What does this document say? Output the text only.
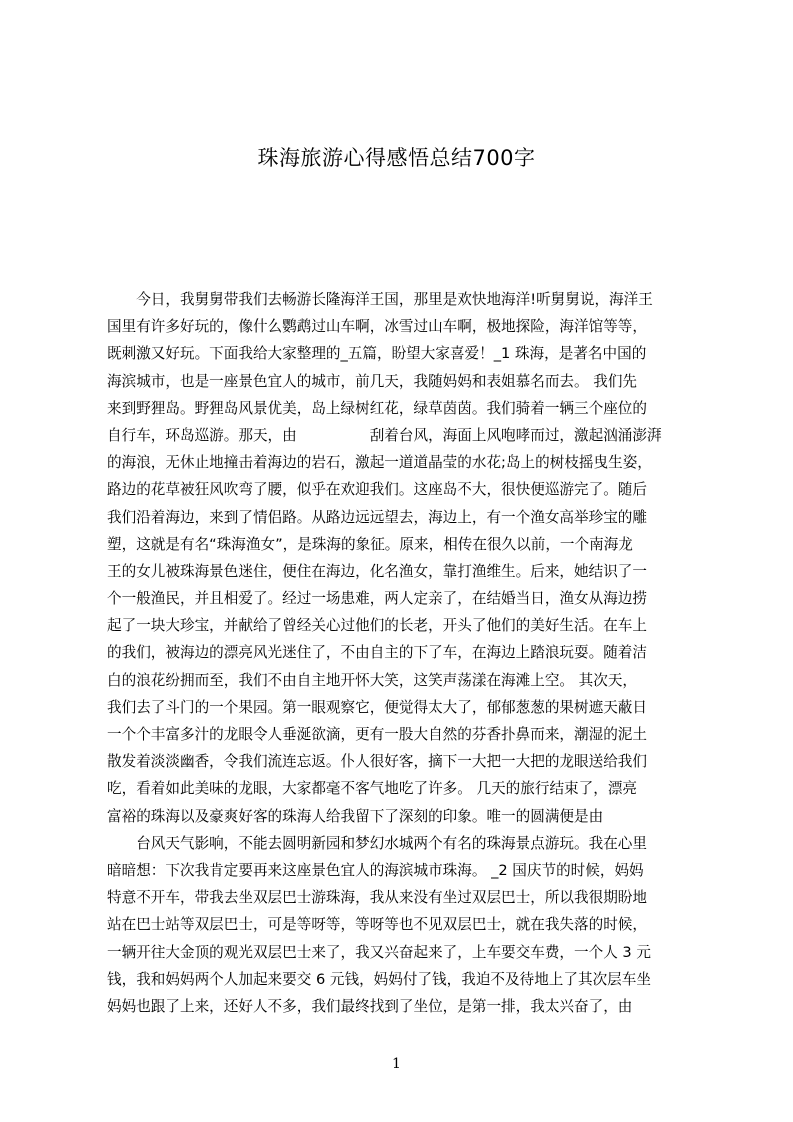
珠海旅游心得感悟总结700字
　　今日，我舅舅带我们去畅游长隆海洋王国，那里是欢快地海洋!听舅舅说，海洋王
国里有许多好玩的，像什么鹦鹉过山车啊，冰雪过山车啊，极地探险，海洋馆等等，
既刺激又好玩。下面我给大家整理的_五篇，盼望大家喜爱！_1 珠海，是著名中国的
海滨城市，也是一座景色宜人的城市，前几天，我随妈妈和表姐慕名而去。 我们先
来到野狸岛。野狸岛风景优美，岛上绿树红花，绿草茵茵。我们骑着一辆三个座位的
自行车，环岛巡游。那天，由　　　　　刮着台风，海面上风咆哮而过，激起汹涌澎湃
的海浪，无休止地撞击着海边的岩石，激起一道道晶莹的水花;岛上的树枝摇曳生姿，
路边的花草被狂风吹弯了腰，似乎在欢迎我们。这座岛不大，很快便巡游完了。随后
我们沿着海边，来到了情侣路。从路边远远望去，海边上，有一个渔女高举珍宝的雕
塑，这就是有名“珠海渔女”，是珠海的象征。原来，相传在很久以前，一个南海龙
王的女儿被珠海景色迷住，便住在海边，化名渔女，靠打渔维生。后来，她结识了一
个一般渔民，并且相爱了。经过一场患难，两人定亲了，在结婚当日，渔女从海边捞
起了一块大珍宝，并献给了曾经关心过他们的长老，开头了他们的美好生活。在车上
的我们，被海边的漂亮风光迷住了，不由自主的下了车，在海边上踏浪玩耍。随着洁
白的浪花纷拥而至，我们不由自主地开怀大笑，这笑声荡漾在海滩上空。 其次天，
我们去了斗门的一个果园。第一眼观察它，便觉得太大了，郁郁葱葱的果树遮天蔽日
一个个丰富多汁的龙眼令人垂涎欲滴，更有一股大自然的芬香扑鼻而来，潮湿的泥土
散发着淡淡幽香，令我们流连忘返。仆人很好客，摘下一大把一大把的龙眼送给我们
吃，看着如此美味的龙眼，大家都毫不客气地吃了许多。 几天的旅行结束了，漂亮
富裕的珠海以及豪爽好客的珠海人给我留下了深刻的印象。唯一的圆满便是由
　　台风天气影响，不能去圆明新园和梦幻水城两个有名的珠海景点游玩。我在心里
暗暗想：下次我肯定要再来这座景色宜人的海滨城市珠海。 _2 国庆节的时候，妈妈
特意不开车，带我去坐双层巴士游珠海，我从来没有坐过双层巴士，所以我很期盼地
站在巴士站等双层巴士，可是等呀等，等呀等也不见双层巴士，就在我失落的时候，
一辆开往大金顶的观光双层巴士来了，我又兴奋起来了，上车要交车费，一个人 3 元
钱，我和妈妈两个人加起来要交 6 元钱，妈妈付了钱，我迫不及待地上了其次层车坐
妈妈也跟了上来，还好人不多，我们最终找到了坐位，是第一排，我太兴奋了，由
1
